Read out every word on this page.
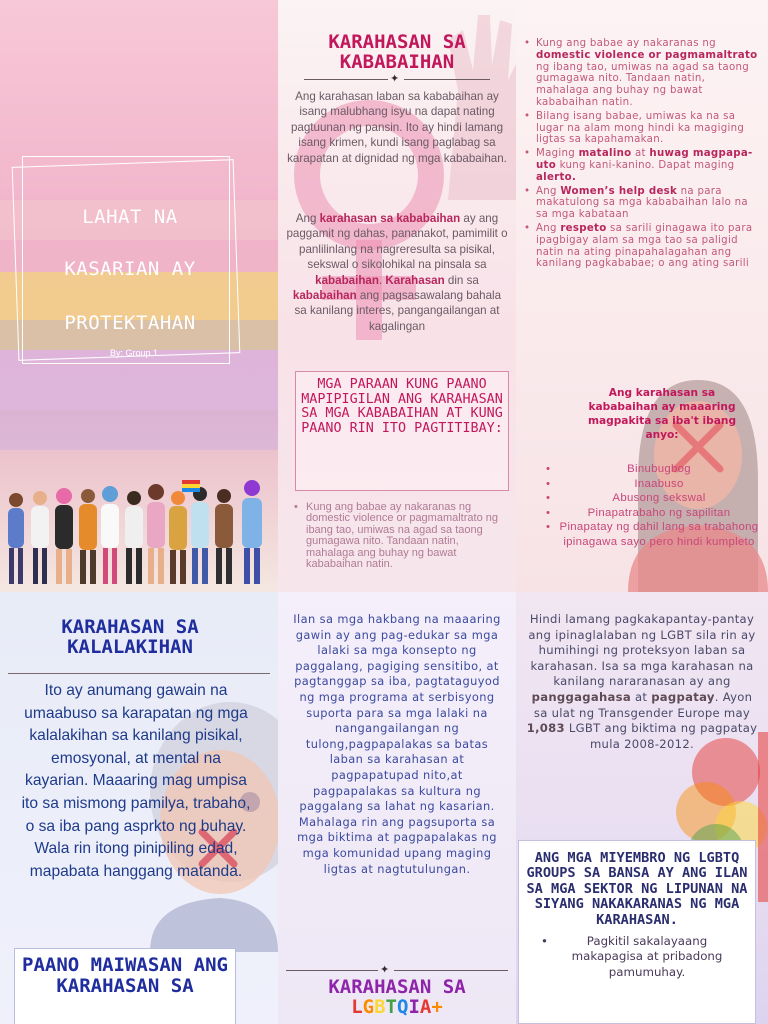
LAHAT NA
KASARIAN AY
PROTEKTAHAN
By: Group 1
KARAHASAN SA
KABABAIHAN
✦

Ang karahasan laban sa kababaihan ay isang malubhang isyu na dapat nating pagtuunan ng pansin. Ito ay hindi lamang isang krimen, kundi isang paglabag sa karapatan at dignidad ng mga kababaihan.

Ang karahasan sa kababaihan ay ang paggamit ng dahas, pananakot, pamimilit o panlilinlang na nagreresulta sa pisikal, sekswal o sikolohikal na pinsala sa kababaihan. Karahasan din sa kababaihan ang pagsasawalang bahala sa kanilang interes, pangangailangan at kagalingan

MGA PARAAN KUNG PAANO MAPIPIGILAN ANG KARAHASAN SA MGA KABABAIHAN AT KUNG PAANO RIN ITO PAGTITIBAY:
• Kung ang babae ay nakaranas ng domestic violence or pagmamaltrato ng ibang tao, umiwas na agad sa taong gumagawa nito. Tandaan natin, mahalaga ang buhay ng bawat kababaihan natin.
• Kung ang babae ay nakaranas ng domestic violence or pagmamaltrato ng ibang tao, umiwas na agad sa taong gumagawa nito. Tandaan natin, mahalaga ang buhay ng bawat kababaihan natin.
• Bilang isang babae, umiwas ka na sa lugar na alam mong hindi ka magiging ligtas sa kapahamakan.
• Maging matalino at huwag magpapa-uto kung kani-kanino. Dapat maging alerto.
• Ang Women’s help desk na para makatulong sa mga kababaihan lalo na sa mga kabataan
• Ang respeto sa sarili ginagawa ito para ipagbigay alam sa mga tao sa paligid natin na ating pinapahalagahan ang kanilang pagkababae; o ang ating sarili
Ang karahasan sa kababaihan ay maaaring magpakita sa iba't ibang anyo:
• Binubugbog
• Inaabuso
• Abusong sekswal
• Pinapatrabaho ng sapilitan
• Pinapatay ng dahil lang sa trabahong ipinagawa sayo pero hindi kumpleto
KARAHASAN SA
KALALAKIHAN

Ito ay anumang gawain na umaabuso sa karapatan ng mga kalalakihan sa kanilang pisikal, emosyonal, at mental na kayarian. Maaaring mag umpisa ito sa mismong pamilya, trabaho, o sa iba pang asprkto ng buhay. Wala rin itong pinipiling edad, mapabata hanggang matanda.

PAANO MAIWASAN ANG KARAHASAN SA

Ilan sa mga hakbang na maaaring gawin ay ang pag-edukar sa mga lalaki sa mga konsepto ng paggalang, pagiging sensitibo, at pagtanggap sa iba, pagtataguyod ng mga programa at serbisyong suporta para sa mga lalaki na nangangailangan ng tulong,pagpapalakas sa batas laban sa karahasan at pagpapatupad nito,at pagpapalakas sa kultura ng paggalang sa lahat ng kasarian. Mahalaga rin ang pagsuporta sa mga biktima at pagpapalakas ng mga komunidad upang maging ligtas at nagtutulungan.

✦
KARAHASAN SA
LGBTQIA+

Hindi lamang pagkakapantay-pantay ang ipinaglalaban ng LGBT sila rin ay humihingi ng proteksyon laban sa karahasan. Isa sa mga karahasan na kanilang nararanasan ay ang panggagahasa at pagpatay. Ayon sa ulat ng Transgender Europe may 1,083 LGBT ang biktima ng pagpatay mula 2008-2012.

ANG MGA MIYEMBRO NG LGBTQ GROUPS SA BANSA AY ANG ILAN SA MGA SEKTOR NG LIPUNAN NA SIYANG NAKAKARANAS NG MGA KARAHASAN.
• Pagkitil sakalayaang makapagisa at pribadong pamumuhay.
